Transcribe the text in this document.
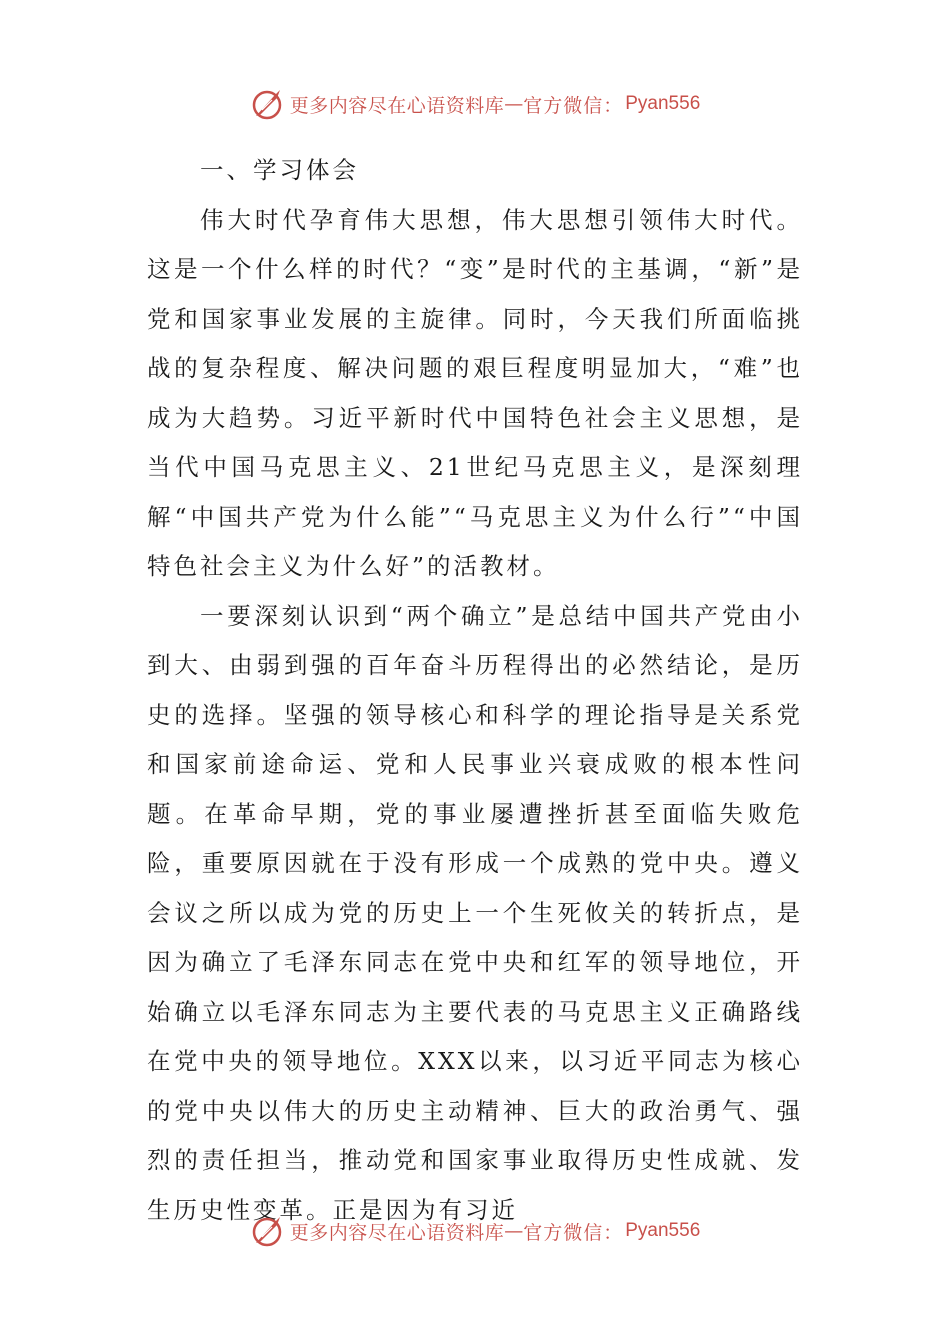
更多内容尽在心语资料库 — 官方微信： Pyan556

一、学习体会

伟大时代孕育伟大思想，伟大思想引领伟大时代。这是一个什么样的时代？“变”是时代的主基调，“新”是党和国家事业发展的主旋律。同时，今天我们所面临挑战的复杂程度、解决问题的艰巨程度明显加大，“难”也成为大趋势。习近平新时代中国特色社会主义思想，是当代中国马克思主义、21世纪马克思主义，是深刻理解“中国共产党为什么能”“马克思主义为什么行”“中国特色社会主义为什么好”的活教材。

一要深刻认识到“两个确立”是总结中国共产党由小到大、由弱到强的百年奋斗历程得出的必然结论，是历史的选择。坚强的领导核心和科学的理论指导是关系党和国家前途命运、党和人民事业兴衰成败的根本性问题。在革命早期，党的事业屡遭挫折甚至面临失败危险，重要原因就在于没有形成一个成熟的党中央。遵义会议之所以成为党的历史上一个生死攸关的转折点，是因为确立了毛泽东同志在党中央和红军的领导地位，开始确立以毛泽东同志为主要代表的马克思主义正确路线在党中央的领导地位。XXX以来，以习近平同志为核心的党中央以伟大的历史主动精神、巨大的政治勇气、强烈的责任担当，推动党和国家事业取得历史性成就、发生历史性变革。正是因为有习近

更多内容尽在心语资料库 — 官方微信： Pyan556
